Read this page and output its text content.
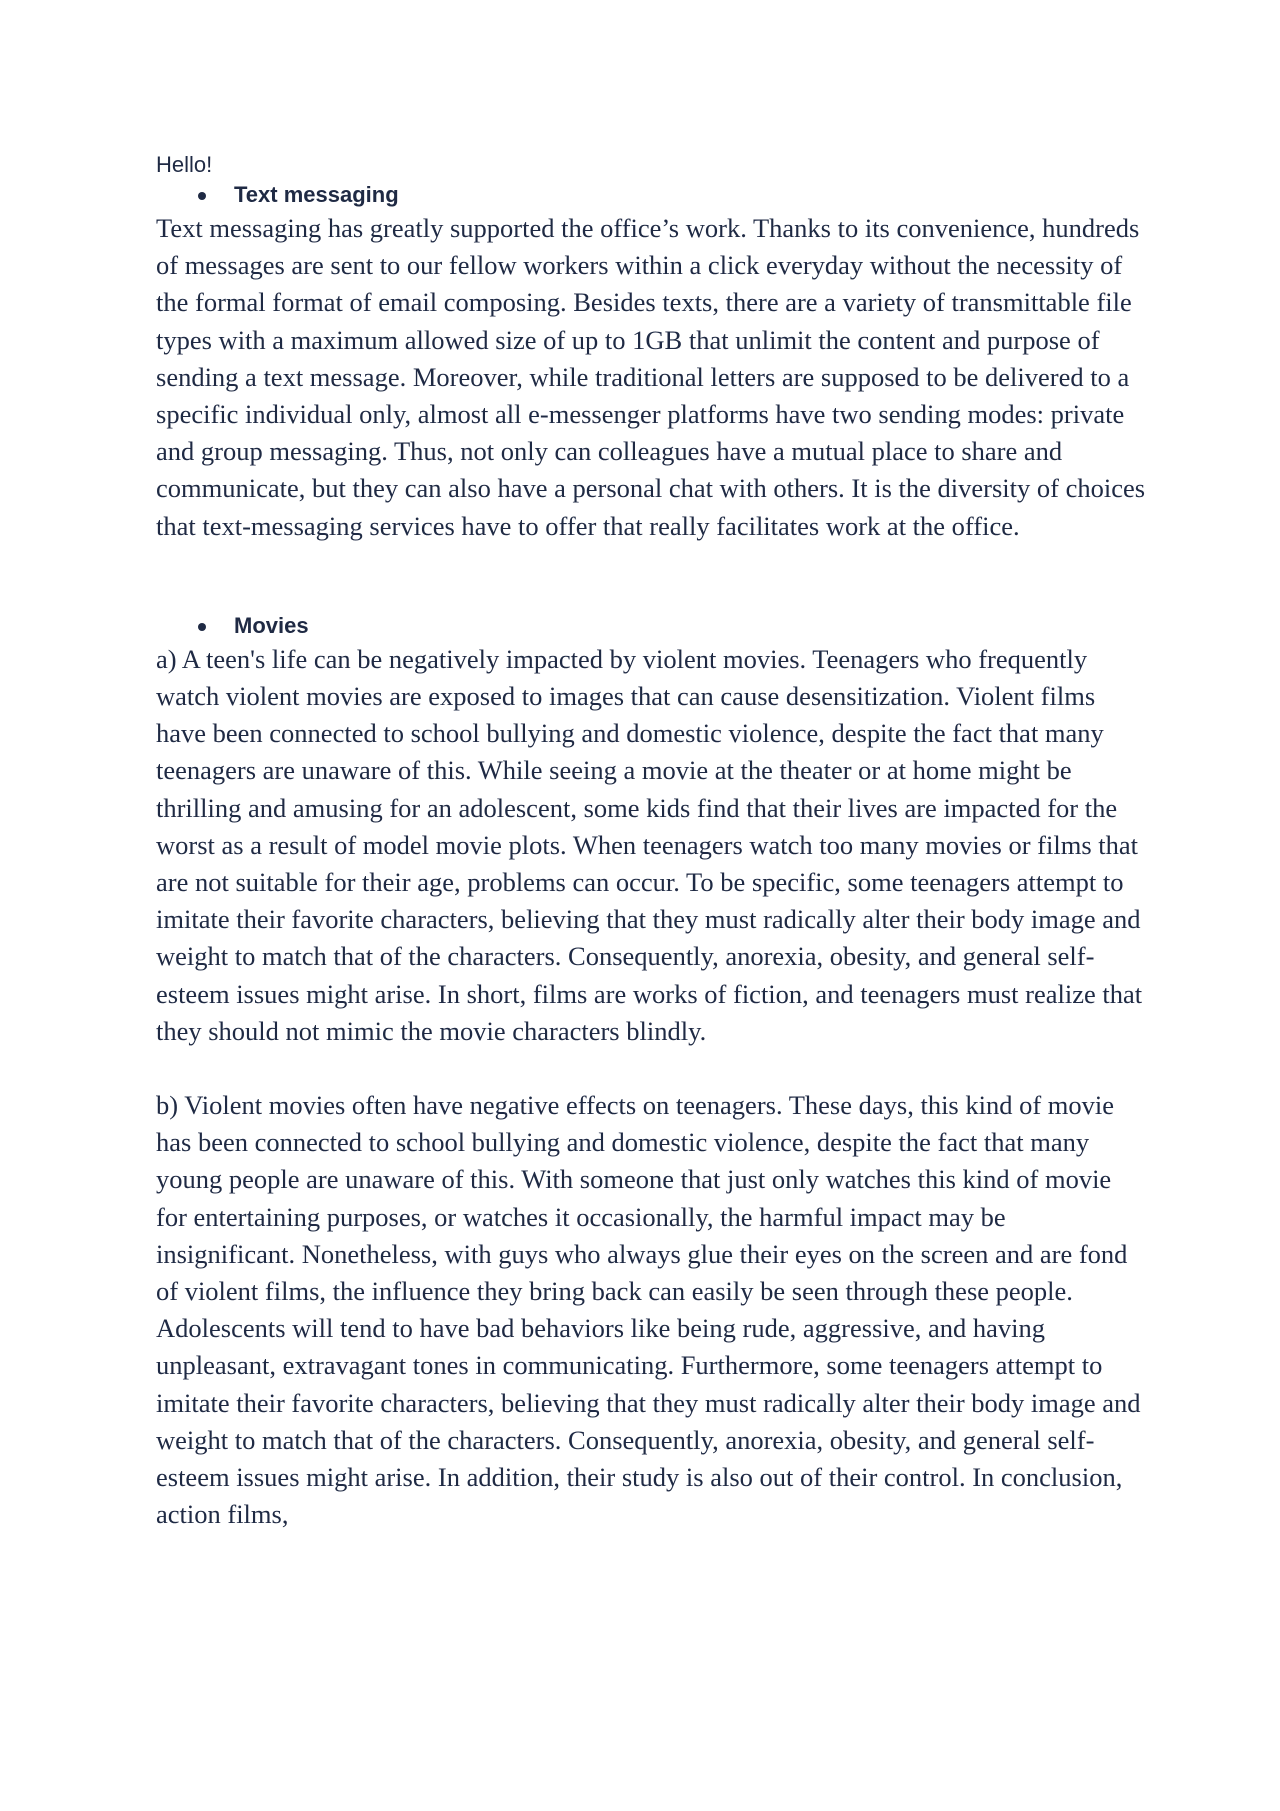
Hello!

Text messaging

Text messaging has greatly supported the office’s work. Thanks to its convenience, hundreds of messages are sent to our fellow workers within a click everyday without the necessity of the formal format of email composing. Besides texts, there are a variety of transmittable file types with a maximum allowed size of up to 1GB that unlimit the content and purpose of sending a text message. Moreover, while traditional letters are supposed to be delivered to a specific individual only, almost all e-messenger platforms have two sending modes: private and group messaging. Thus, not only can colleagues have a mutual place to share and communicate, but they can also have a personal chat with others. It is the diversity of choices that text-messaging services have to offer that really facilitates work at the office.

Movies

a) A teen's life can be negatively impacted by violent movies. Teenagers who frequently watch violent movies are exposed to images that can cause desensitization. Violent films have been connected to school bullying and domestic violence, despite the fact that many teenagers are unaware of this. While seeing a movie at the theater or at home might be thrilling and amusing for an adolescent, some kids find that their lives are impacted for the worst as a result of model movie plots. When teenagers watch too many movies or films that are not suitable for their age, problems can occur. To be specific, some teenagers attempt to imitate their favorite characters, believing that they must radically alter their body image and weight to match that of the characters. Consequently, anorexia, obesity, and general self-esteem issues might arise. In short, films are works of fiction, and teenagers must realize that they should not mimic the movie characters blindly.

b) Violent movies often have negative effects on teenagers. These days, this kind of movie has been connected to school bullying and domestic violence, despite the fact that many young people are unaware of this. With someone that just only watches this kind of movie for entertaining purposes, or watches it occasionally, the harmful impact may be insignificant. Nonetheless, with guys who always glue their eyes on the screen and are fond of violent films, the influence they bring back can easily be seen through these people. Adolescents will tend to have bad behaviors like being rude, aggressive, and having unpleasant, extravagant tones in communicating. Furthermore, some teenagers attempt to imitate their favorite characters, believing that they must radically alter their body image and weight to match that of the characters. Consequently, anorexia, obesity, and general self-esteem issues might arise. In addition, their study is also out of their control. In conclusion, action films,
